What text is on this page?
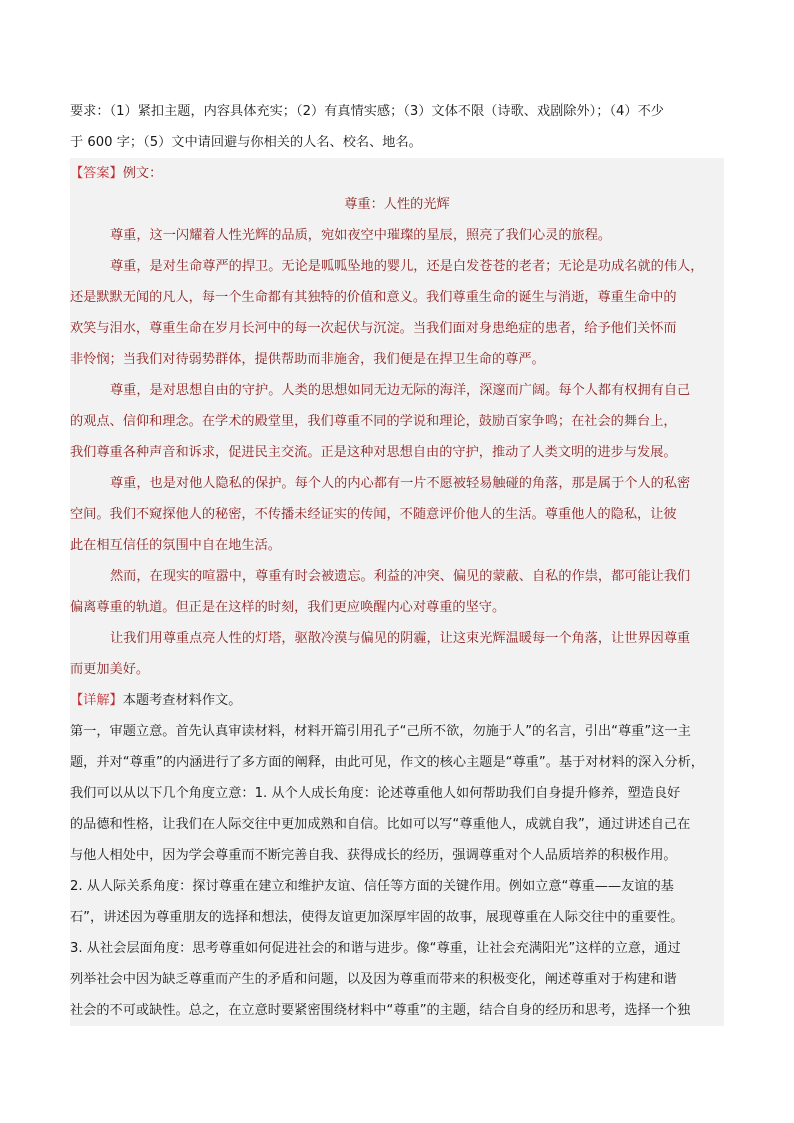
要求：（1）紧扣主题，内容具体充实；（2）有真情实感；（3）文体不限（诗歌、戏剧除外）；（4）不少
于 600 字；（5）文中请回避与你相关的人名、校名、地名。
【答案】例文：
尊重：人性的光辉
尊重，这一闪耀着人性光辉的品质，宛如夜空中璀璨的星辰，照亮了我们心灵的旅程。
尊重，是对生命尊严的捍卫。无论是呱呱坠地的婴儿，还是白发苍苍的老者；无论是功成名就的伟人，
还是默默无闻的凡人，每一个生命都有其独特的价值和意义。我们尊重生命的诞生与消逝，尊重生命中的
欢笑与泪水，尊重生命在岁月长河中的每一次起伏与沉淀。当我们面对身患绝症的患者，给予他们关怀而
非怜悯；当我们对待弱势群体，提供帮助而非施舍，我们便是在捍卫生命的尊严。
尊重，是对思想自由的守护。人类的思想如同无边无际的海洋，深邃而广阔。每个人都有权拥有自己
的观点、信仰和理念。在学术的殿堂里，我们尊重不同的学说和理论，鼓励百家争鸣；在社会的舞台上，
我们尊重各种声音和诉求，促进民主交流。正是这种对思想自由的守护，推动了人类文明的进步与发展。
尊重，也是对他人隐私的保护。每个人的内心都有一片不愿被轻易触碰的角落，那是属于个人的私密
空间。我们不窥探他人的秘密，不传播未经证实的传闻，不随意评价他人的生活。尊重他人的隐私，让彼
此在相互信任的氛围中自在地生活。
然而，在现实的喧嚣中，尊重有时会被遗忘。利益的冲突、偏见的蒙蔽、自私的作祟，都可能让我们
偏离尊重的轨道。但正是在这样的时刻，我们更应唤醒内心对尊重的坚守。
让我们用尊重点亮人性的灯塔，驱散冷漠与偏见的阴霾，让这束光辉温暖每一个角落，让世界因尊重
而更加美好。
【详解】本题考查材料作文。
第一，审题立意。首先认真审读材料，材料开篇引用孔子“己所不欲，勿施于人”的名言，引出“尊重”这一主
题，并对“尊重”的内涵进行了多方面的阐释，由此可见，作文的核心主题是“尊重”。基于对材料的深入分析，
我们可以从以下几个角度立意：1. 从个人成长角度：论述尊重他人如何帮助我们自身提升修养，塑造良好
的品德和性格，让我们在人际交往中更加成熟和自信。比如可以写“尊重他人，成就自我”，通过讲述自己在
与他人相处中，因为学会尊重而不断完善自我、获得成长的经历，强调尊重对个人品质培养的积极作用。
2. 从人际关系角度：探讨尊重在建立和维护友谊、信任等方面的关键作用。例如立意“尊重——友谊的基
石”，讲述因为尊重朋友的选择和想法，使得友谊更加深厚牢固的故事，展现尊重在人际交往中的重要性。
3. 从社会层面角度：思考尊重如何促进社会的和谐与进步。像“尊重，让社会充满阳光”这样的立意，通过
列举社会中因为缺乏尊重而产生的矛盾和问题，以及因为尊重而带来的积极变化，阐述尊重对于构建和谐
社会的不可或缺性。总之，在立意时要紧密围绕材料中“尊重”的主题，结合自身的经历和思考，选择一个独
